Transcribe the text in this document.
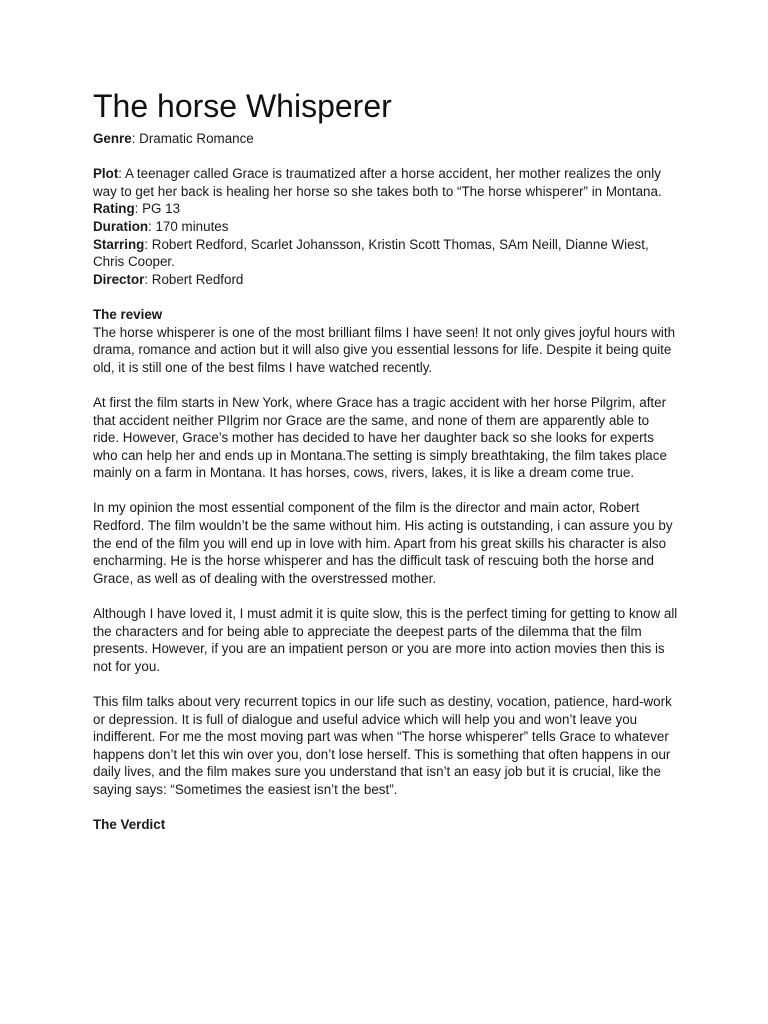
The horse Whisperer
Genre: Dramatic Romance
Plot: A teenager called Grace is traumatized after a horse accident, her mother realizes the only way to get her back is healing her horse so she takes both to “The horse whisperer” in Montana.
Rating: PG 13
Duration: 170 minutes
Starring: Robert Redford, Scarlet Johansson, Kristin Scott Thomas, SAm Neill, Dianne Wiest, Chris Cooper.
Director: Robert Redford
The review
The horse whisperer is one of the most brilliant films I have seen! It not only gives joyful hours with drama, romance and action but it will also give you essential lessons for life. Despite it being quite old, it is still one of the best films I have watched recently.
At first the film starts in New York, where Grace has a tragic accident with her horse Pilgrim, after that accident neither PIlgrim nor Grace are the same, and none of them are apparently able to ride. However, Grace’s mother has decided to have her daughter back so she looks for experts who can help her and ends up in Montana.The setting is simply breathtaking, the film takes place mainly on a farm in Montana. It has horses, cows, rivers, lakes, it is like a dream come true.
In my opinion the most essential component of the film is the director and main actor, Robert Redford. The film wouldn’t be the same without him. His acting is outstanding, i can assure you by the end of the film you will end up in love with him. Apart from his great skills his character is also encharming. He is the horse whisperer and has the difficult task of rescuing both the horse and Grace, as well as of dealing with the overstressed mother.
Although I have loved it, I must admit it is quite slow, this is the perfect timing for getting to know all the characters and for being able to appreciate the deepest parts of the dilemma that the film presents. However, if you are an impatient person or you are more into action movies then this is not for you.
This film talks about very recurrent topics in our life such as destiny, vocation, patience, hard-work or depression. It is full of dialogue and useful advice which will help you and won’t leave you indifferent. For me the most moving part was when “The horse whisperer” tells Grace to whatever happens don’t let this win over you, don’t lose herself. This is something that often happens in our daily lives, and the film makes sure you understand that isn’t an easy job but it is crucial, like the saying says: “Sometimes the easiest isn’t the best”.
The Verdict
